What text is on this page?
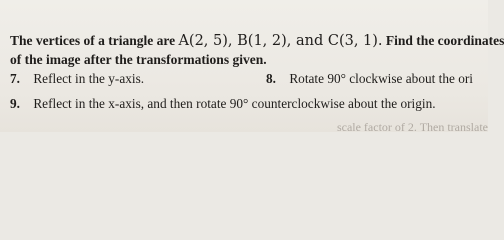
The vertices of a triangle are A(2, 5), B(1, 2), and C(3, 1). Find the coordinates
of the image after the transformations given.
7. Reflect in the y-axis.	8. Rotate 90° clockwise about the ori
9. Reflect in the x-axis, and then rotate 90° counterclockwise about the origin.
scale factor of 2. Then translate
